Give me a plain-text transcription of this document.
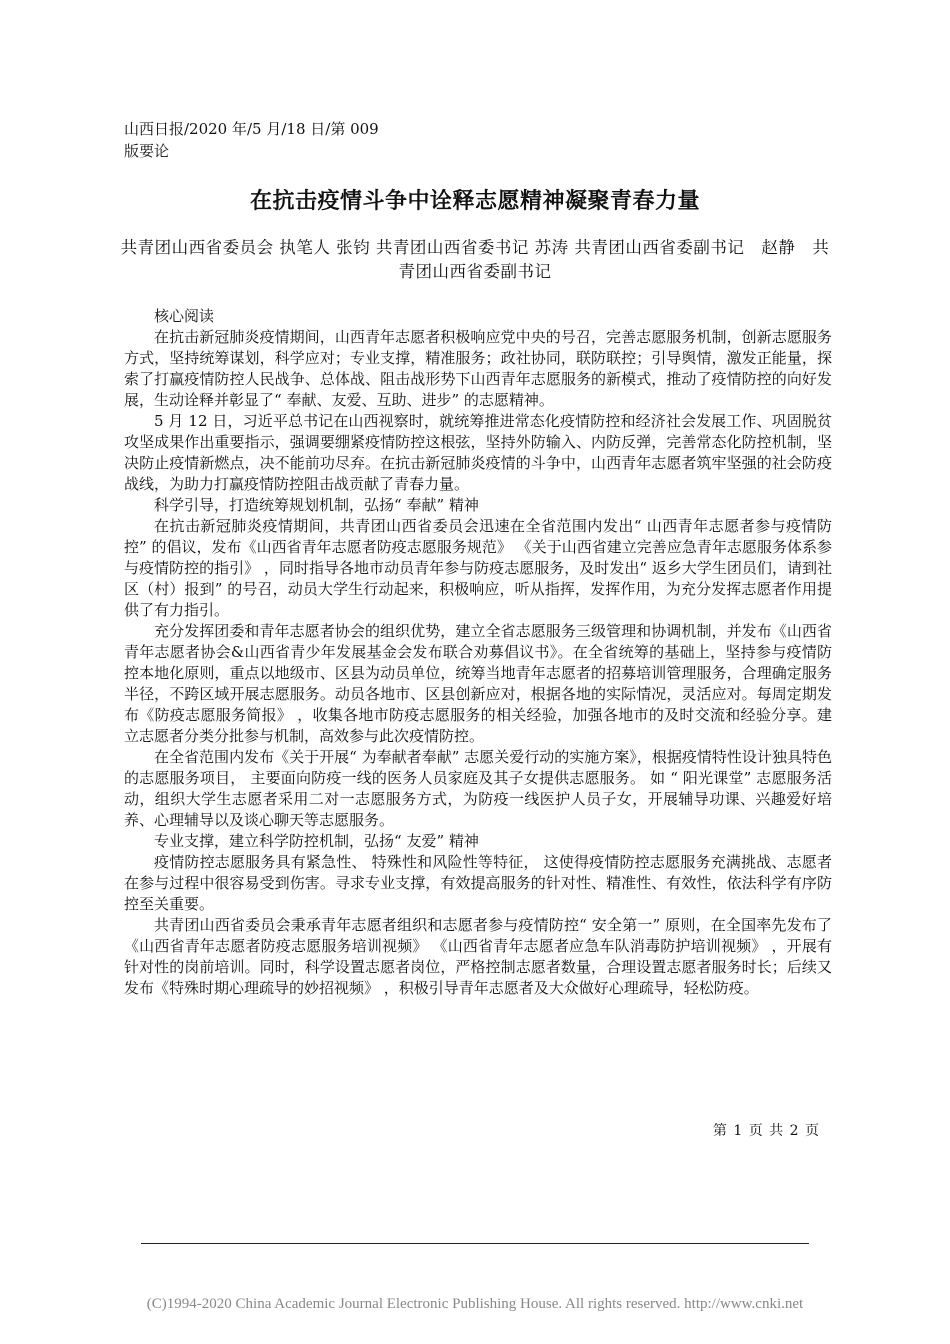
山西日报/2020 年/5 月/18 日/第 009
版要论
在抗击疫情斗争中诠释志愿精神凝聚青春力量
共青团山西省委员会 执笔人 张钧 共青团山西省委书记 苏涛 共青团山西省委副书记　赵静　共青团山西省委副书记

核心阅读

在抗击新冠肺炎疫情期间，山西青年志愿者积极响应党中央的号召，完善志愿服务机制，创新志愿服务方式，坚持统筹谋划，科学应对；专业支撑，精准服务；政社协同，联防联控；引导舆情，激发正能量，探索了打赢疫情防控人民战争、总体战、阻击战形势下山西青年志愿服务的新模式，推动了疫情防控的向好发展，生动诠释并彰显了“ 奉献、友爱、互助、进步” 的志愿精神。

5 月 12 日，习近平总书记在山西视察时，就统筹推进常态化疫情防控和经济社会发展工作、巩固脱贫攻坚成果作出重要指示，强调要绷紧疫情防控这根弦，坚持外防输入、内防反弹，完善常态化防控机制，坚决防止疫情新燃点，决不能前功尽弃。在抗击新冠肺炎疫情的斗争中，山西青年志愿者筑牢坚强的社会防疫战线，为助力打赢疫情防控阻击战贡献了青春力量。

科学引导，打造统筹规划机制，弘扬“ 奉献” 精神

在抗击新冠肺炎疫情期间，共青团山西省委员会迅速在全省范围内发出“ 山西青年志愿者参与疫情防控” 的倡议，发布《山西省青年志愿者防疫志愿服务规范》 《关于山西省建立完善应急青年志愿服务体系参与疫情防控的指引》 ，同时指导各地市动员青年参与防疫志愿服务，及时发出“ 返乡大学生团员们，请到社区（村）报到” 的号召，动员大学生行动起来，积极响应，听从指挥，发挥作用，为充分发挥志愿者作用提供了有力指引。

充分发挥团委和青年志愿者协会的组织优势，建立全省志愿服务三级管理和协调机制，并发布《山西省青年志愿者协会&山西省青少年发展基金会发布联合劝募倡议书》。在全省统筹的基础上，坚持参与疫情防控本地化原则，重点以地级市、区县为动员单位，统筹当地青年志愿者的招募培训管理服务，合理确定服务半径，不跨区域开展志愿服务。动员各地市、区县创新应对，根据各地的实际情况，灵活应对。每周定期发布《防疫志愿服务简报》 ，收集各地市防疫志愿服务的相关经验，加强各地市的及时交流和经验分享。建立志愿者分类分批参与机制，高效参与此次疫情防控。

在全省范围内发布《关于开展“ 为奉献者奉献” 志愿关爱行动的实施方案》，根据疫情特性设计独具特色的志愿服务项目， 主要面向防疫一线的医务人员家庭及其子女提供志愿服务。 如 “ 阳光课堂” 志愿服务活动，组织大学生志愿者采用二对一志愿服务方式，为防疫一线医护人员子女，开展辅导功课、兴趣爱好培养、心理辅导以及谈心聊天等志愿服务。

专业支撑，建立科学防控机制，弘扬“ 友爱” 精神

疫情防控志愿服务具有紧急性、 特殊性和风险性等特征， 这使得疫情防控志愿服务充满挑战、志愿者在参与过程中很容易受到伤害。寻求专业支撑，有效提高服务的针对性、精准性、有效性，依法科学有序防控至关重要。

共青团山西省委员会秉承青年志愿者组织和志愿者参与疫情防控“ 安全第一” 原则，在全国率先发布了《山西省青年志愿者防疫志愿服务培训视频》 《山西省青年志愿者应急车队消毒防护培训视频》 ，开展有针对性的岗前培训。同时，科学设置志愿者岗位，严格控制志愿者数量，合理设置志愿者服务时长；后续又发布《特殊时期心理疏导的妙招视频》 ，积极引导青年志愿者及大众做好心理疏导，轻松防疫。

第 1 页 共 2 页
(C)1994-2020 China Academic Journal Electronic Publishing House. All rights reserved. http://www.cnki.net
